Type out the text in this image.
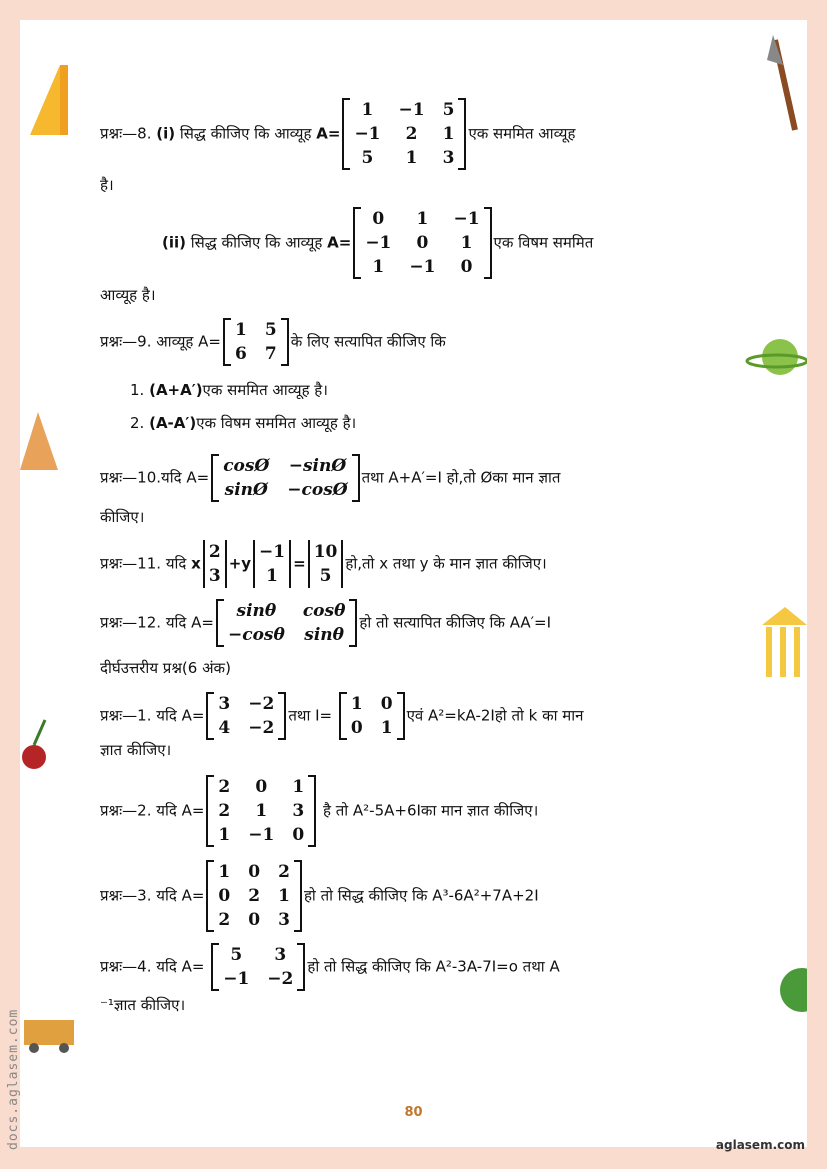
प्रश्नः—8. (i) सिद्ध कीजिए कि आव्यूह A=
1	−1 5
−1	2	1
5	1	3
एक सममित आव्यूह
है।
(ii) सिद्ध कीजिए कि आव्यूह A=
0	1	−1
−1	0	1
1	−1	0
एक विषम सममित
आव्यूह है।
प्रश्नः—9. आव्यूह A=
1 5
6 7
के लिए सत्यापित कीजिए कि
1. (A+A′)एक सममित आव्यूह है।
2. (A-A′)एक विषम सममित आव्यूह है।
प्रश्नः—10.यदि A=
cosØ −sinØ
sinØ −cosØ
तथा A+A′=I हो,तो Øका मान ज्ञात
कीजिए।
प्रश्नः—11. यदि x
2
3
+y
−1
1
=
10
5
हो,तो x तथा y के मान ज्ञात कीजिए।
प्रश्नः—12. यदि A=
sinθ	cosθ
−cosθ sinθ
हो तो सत्यापित कीजिए कि AA′=I
दीर्घउत्तरीय प्रश्न(6 अंक)
प्रश्नः—1. यदि A=
3 −2
4 −2
तथा I=
1 0
0 1
एवं A²=kA-2Iहो तो k का मान
ज्ञात कीजिए।
प्रश्नः—2. यदि A=
2	0	1
2	1	3
1 −1 0
है तो A²-5A+6Iका मान ज्ञात कीजिए।
प्रश्नः—3. यदि A=
1 0 2
0 2 1
2 0 3
हो तो सिद्ध कीजिए कि A³-6A²+7A+2I
प्रश्नः—4. यदि A=
5	3
−1 −2
हो तो सिद्ध कीजिए कि A²-3A-7I=o तथा A
⁻¹ज्ञात कीजिए।
80
aglasem.com
docs.aglasem.com
